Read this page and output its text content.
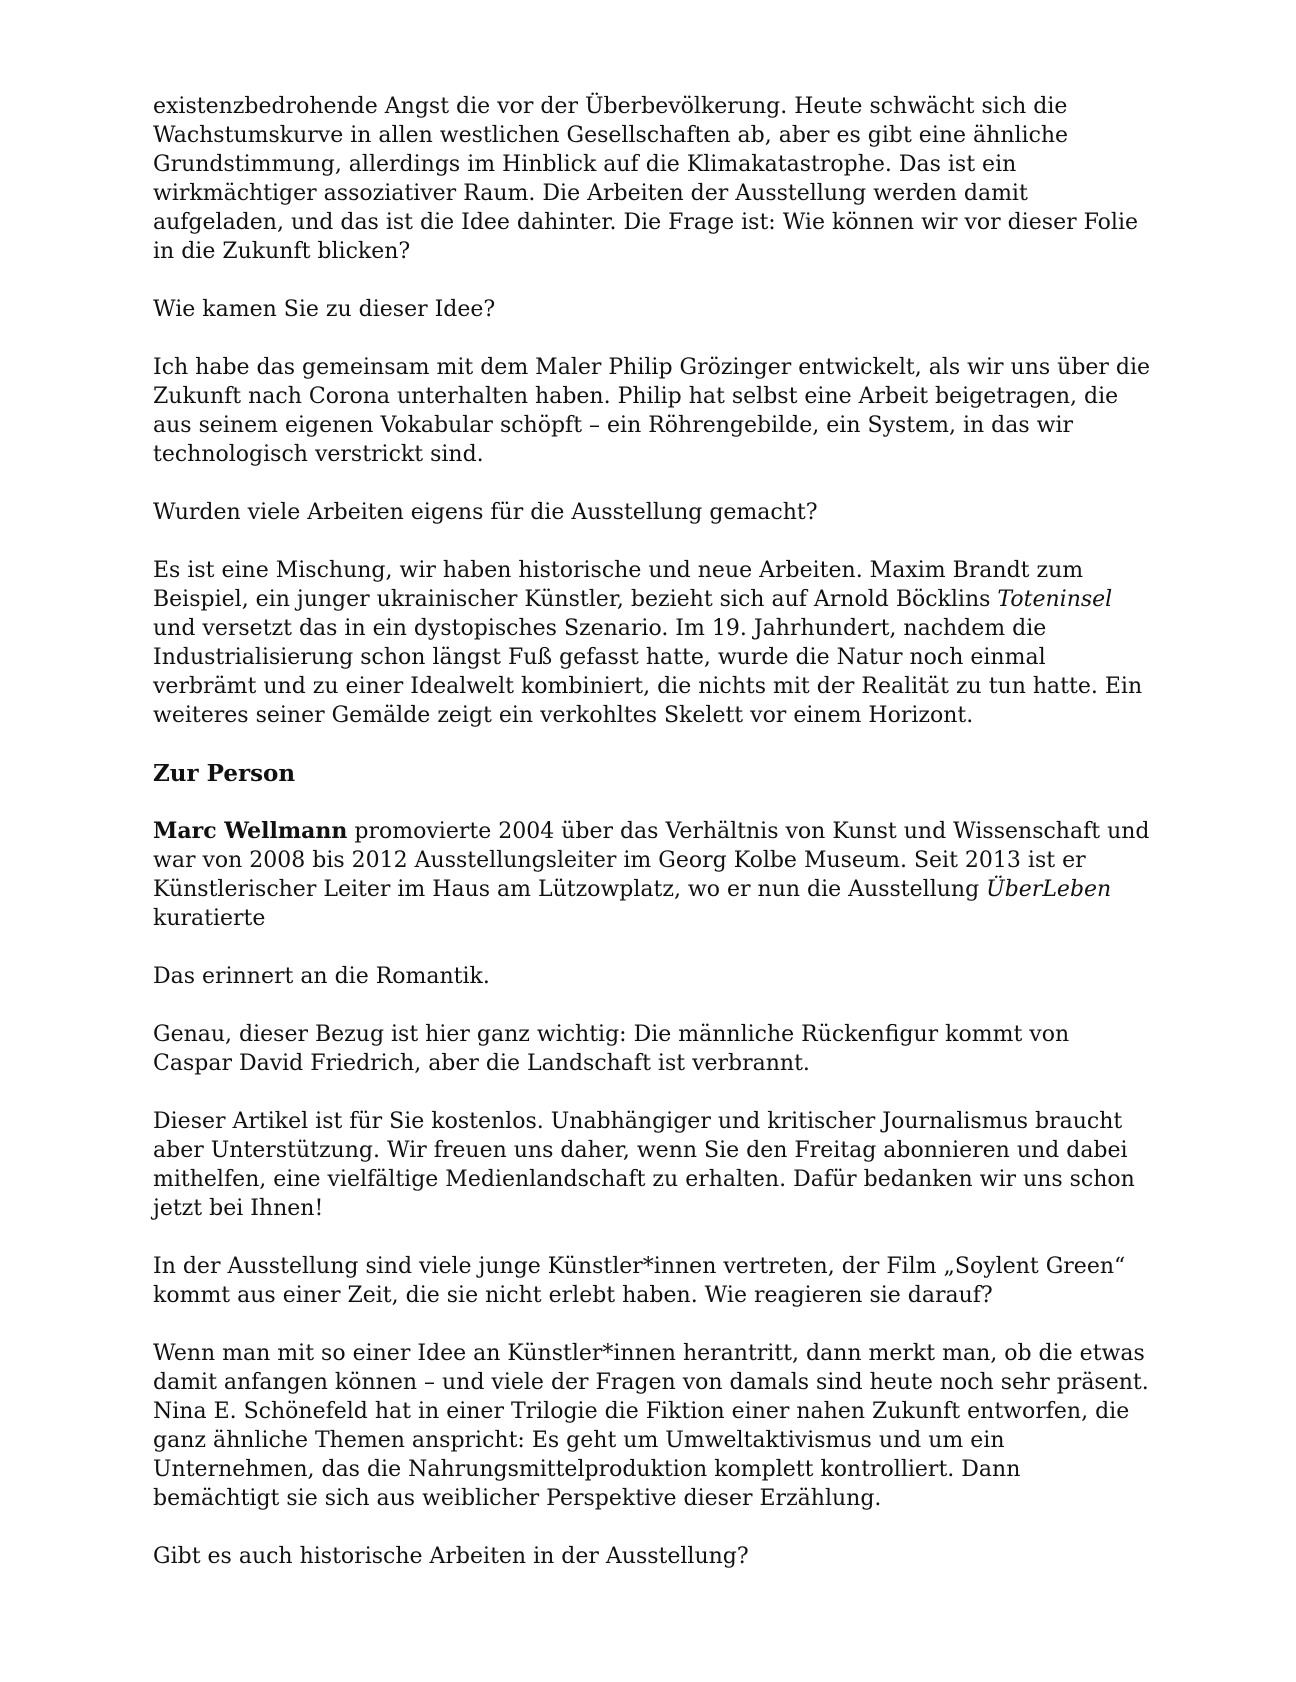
existenzbedrohende Angst die vor der Überbevölkerung. Heute schwächt sich die Wachstumskurve in allen westlichen Gesellschaften ab, aber es gibt eine ähnliche Grundstimmung, allerdings im Hinblick auf die Klimakatastrophe. Das ist ein wirkmächtiger assoziativer Raum. Die Arbeiten der Ausstellung werden damit aufgeladen, und das ist die Idee dahinter. Die Frage ist: Wie können wir vor dieser Folie in die Zukunft blicken?

Wie kamen Sie zu dieser Idee?

Ich habe das gemeinsam mit dem Maler Philip Grözinger entwickelt, als wir uns über die Zukunft nach Corona unterhalten haben. Philip hat selbst eine Arbeit beigetragen, die aus seinem eigenen Vokabular schöpft – ein Röhrengebilde, ein System, in das wir technologisch verstrickt sind.

Wurden viele Arbeiten eigens für die Ausstellung gemacht?

Es ist eine Mischung, wir haben historische und neue Arbeiten. Maxim Brandt zum Beispiel, ein junger ukrainischer Künstler, bezieht sich auf Arnold Böcklins Toteninsel und versetzt das in ein dystopisches Szenario. Im 19. Jahrhundert, nachdem die Industrialisierung schon längst Fuß gefasst hatte, wurde die Natur noch einmal verbrämt und zu einer Idealwelt kombiniert, die nichts mit der Realität zu tun hatte. Ein weiteres seiner Gemälde zeigt ein verkohltes Skelett vor einem Horizont.

Zur Person

Marc Wellmann promovierte 2004 über das Verhältnis von Kunst und Wissenschaft und war von 2008 bis 2012 Ausstellungsleiter im Georg Kolbe Museum. Seit 2013 ist er Künstlerischer Leiter im Haus am Lützowplatz, wo er nun die Ausstellung ÜberLeben kuratierte

Das erinnert an die Romantik.

Genau, dieser Bezug ist hier ganz wichtig: Die männliche Rückenfigur kommt von Caspar David Friedrich, aber die Landschaft ist verbrannt.

Dieser Artikel ist für Sie kostenlos. Unabhängiger und kritischer Journalismus braucht aber Unterstützung. Wir freuen uns daher, wenn Sie den Freitag abonnieren und dabei mithelfen, eine vielfältige Medienlandschaft zu erhalten. Dafür bedanken wir uns schon jetzt bei Ihnen!

In der Ausstellung sind viele junge Künstler*innen vertreten, der Film „Soylent Green“ kommt aus einer Zeit, die sie nicht erlebt haben. Wie reagieren sie darauf?

Wenn man mit so einer Idee an Künstler*innen herantritt, dann merkt man, ob die etwas damit anfangen können – und viele der Fragen von damals sind heute noch sehr präsent. Nina E. Schönefeld hat in einer Trilogie die Fiktion einer nahen Zukunft entworfen, die ganz ähnliche Themen anspricht: Es geht um Umweltaktivismus und um ein Unternehmen, das die Nahrungsmittelproduktion komplett kontrolliert. Dann bemächtigt sie sich aus weiblicher Perspektive dieser Erzählung.

Gibt es auch historische Arbeiten in der Ausstellung?
